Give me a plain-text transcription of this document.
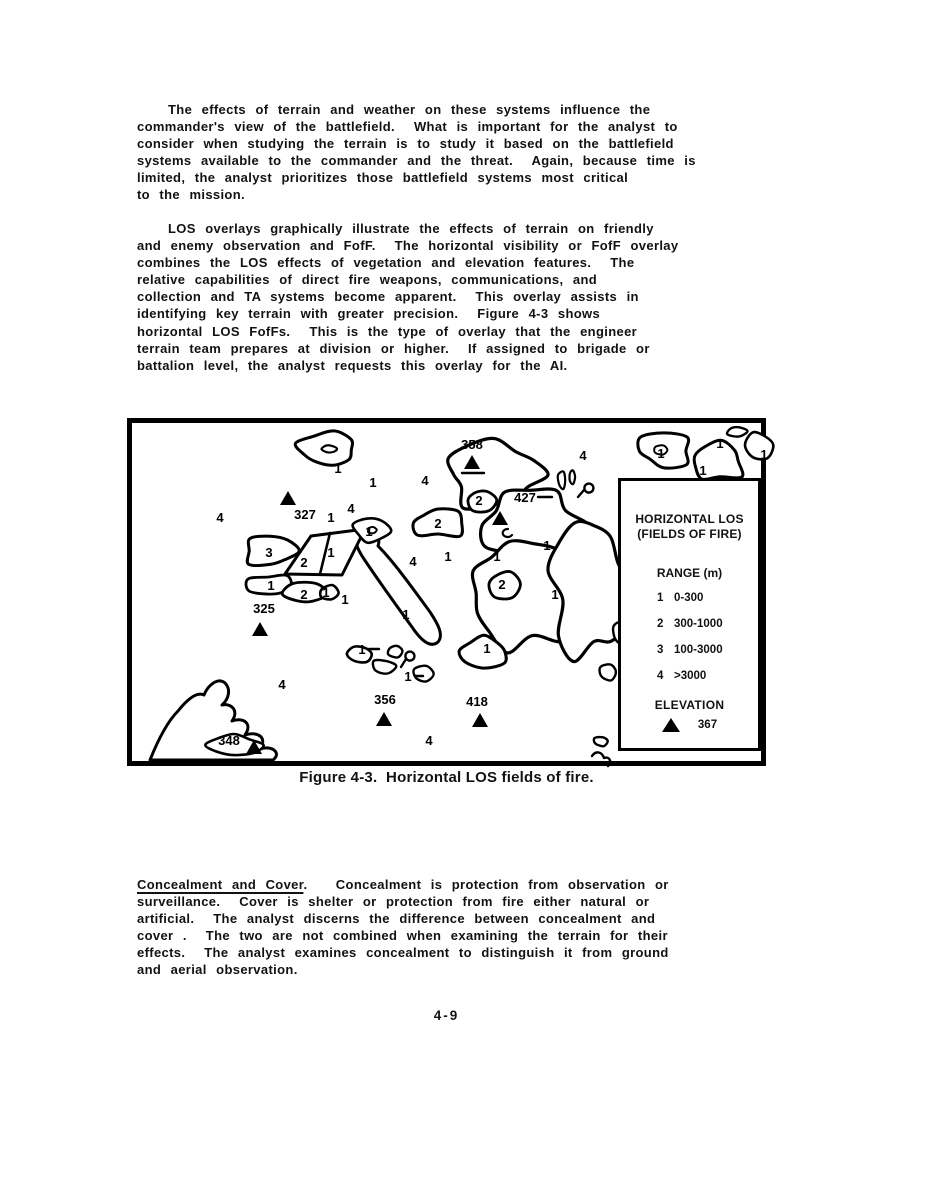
The effects of terrain and weather on these systems influence the
commander's view of the battlefield.  What is important for the analyst to
consider when studying the terrain is to study it based on the battlefield
systems available to the commander and the threat.  Again, because time is
limited, the analyst prioritizes those battlefield systems most critical
to the mission.
LOS overlays graphically illustrate the effects of terrain on friendly
and enemy observation and FofF.  The horizontal visibility or FofF overlay
combines the LOS effects of vegetation and elevation features.  The
relative capabilities of direct fire weapons, communications, and
collection and TA systems become apparent.  This overlay assists in
identifying key terrain with greater precision.  Figure 4-3 shows
horizontal LOS FofFs.  This is the type of overlay that the engineer
terrain team prepares at division or higher.  If assigned to brigade or
battalion level, the analyst requests this overlay for the AI.
358
327
427
325
348
356	418
1
1	4
4	1
1
1
1
4	1
4
1
2
2
3
2
1
1
2 1 1
4 1	1
1
2
1
1
1
1
1
4
4
HORIZONTAL LOS
(FIELDS OF FIRE)
RANGE (m)
1 0-300
2 300-1000
3 100-3000
4 >3000
ELEVATION
367
Figure 4-3.  Horizontal LOS fields of fire.
Concealment and Cover.   Concealment is protection from observation or
surveillance.  Cover is shelter or protection from fire either natural or
artificial.  The analyst discerns the difference between concealment and
cover .  The two are not combined when examining the terrain for their
effects.  The analyst examines concealment to distinguish it from ground
and aerial observation.
4-9
